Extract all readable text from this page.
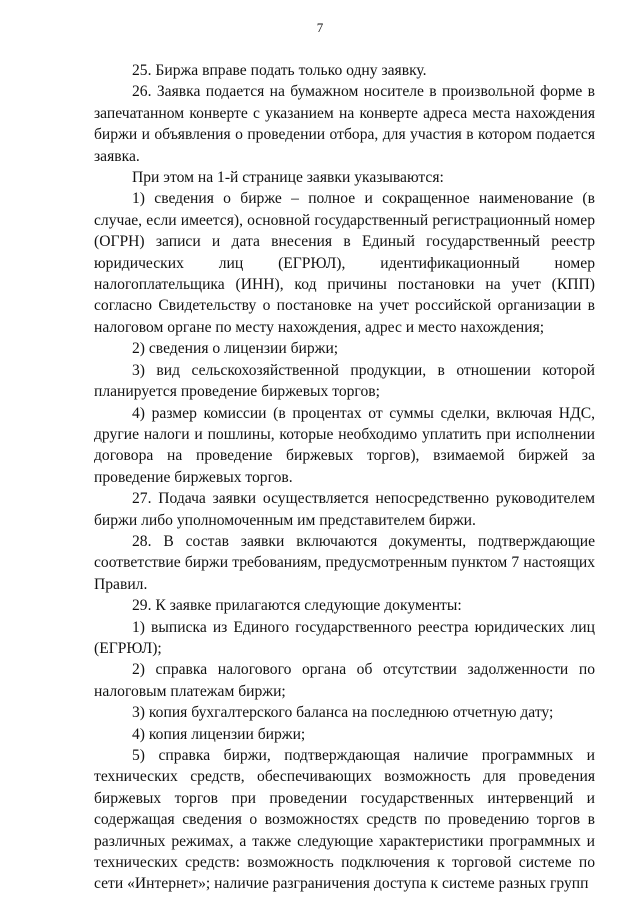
7

25. Биржа вправе подать только одну заявку.

26. Заявка подается на бумажном носителе в произвольной форме в запечатанном конверте с указанием на конверте адреса места нахождения биржи и объявления о проведении отбора, для участия в котором подается заявка.

При этом на 1-й странице заявки указываются:

1) сведения о бирже – полное и сокращенное наименование (в случае, если имеется), основной государственный регистрационный номер (ОГРН) записи и дата внесения в Единый государственный реестр юридических лиц (ЕГРЮЛ), идентификационный номер налогоплательщика (ИНН), код причины постановки на учет (КПП) согласно Свидетельству о постановке на учет российской организации в налоговом органе по месту нахождения, адрес и место нахождения;

2) сведения о лицензии биржи;

3) вид сельскохозяйственной продукции, в отношении которой планируется проведение биржевых торгов;

4) размер комиссии (в процентах от суммы сделки, включая НДС, другие налоги и пошлины, которые необходимо уплатить при исполнении договора на проведение биржевых торгов), взимаемой биржей за проведение биржевых торгов.

27. Подача заявки осуществляется непосредственно руководителем биржи либо уполномоченным им представителем биржи.

28. В состав заявки включаются документы, подтверждающие соответствие биржи требованиям, предусмотренным пунктом 7 настоящих Правил.

29. К заявке прилагаются следующие документы:

1) выписка из Единого государственного реестра юридических лиц (ЕГРЮЛ);

2) справка налогового органа об отсутствии задолженности по налоговым платежам биржи;

3) копия бухгалтерского баланса на последнюю отчетную дату;

4) копия лицензии биржи;

5) справка биржи, подтверждающая наличие программных и технических средств, обеспечивающих возможность для проведения биржевых торгов при проведении государственных интервенций и содержащая сведения о возможностях средств по проведению торгов в различных режимах, а также следующие характеристики программных и технических средств: возможность подключения к торговой системе по сети «Интернет»; наличие разграничения доступа к системе разных групп
